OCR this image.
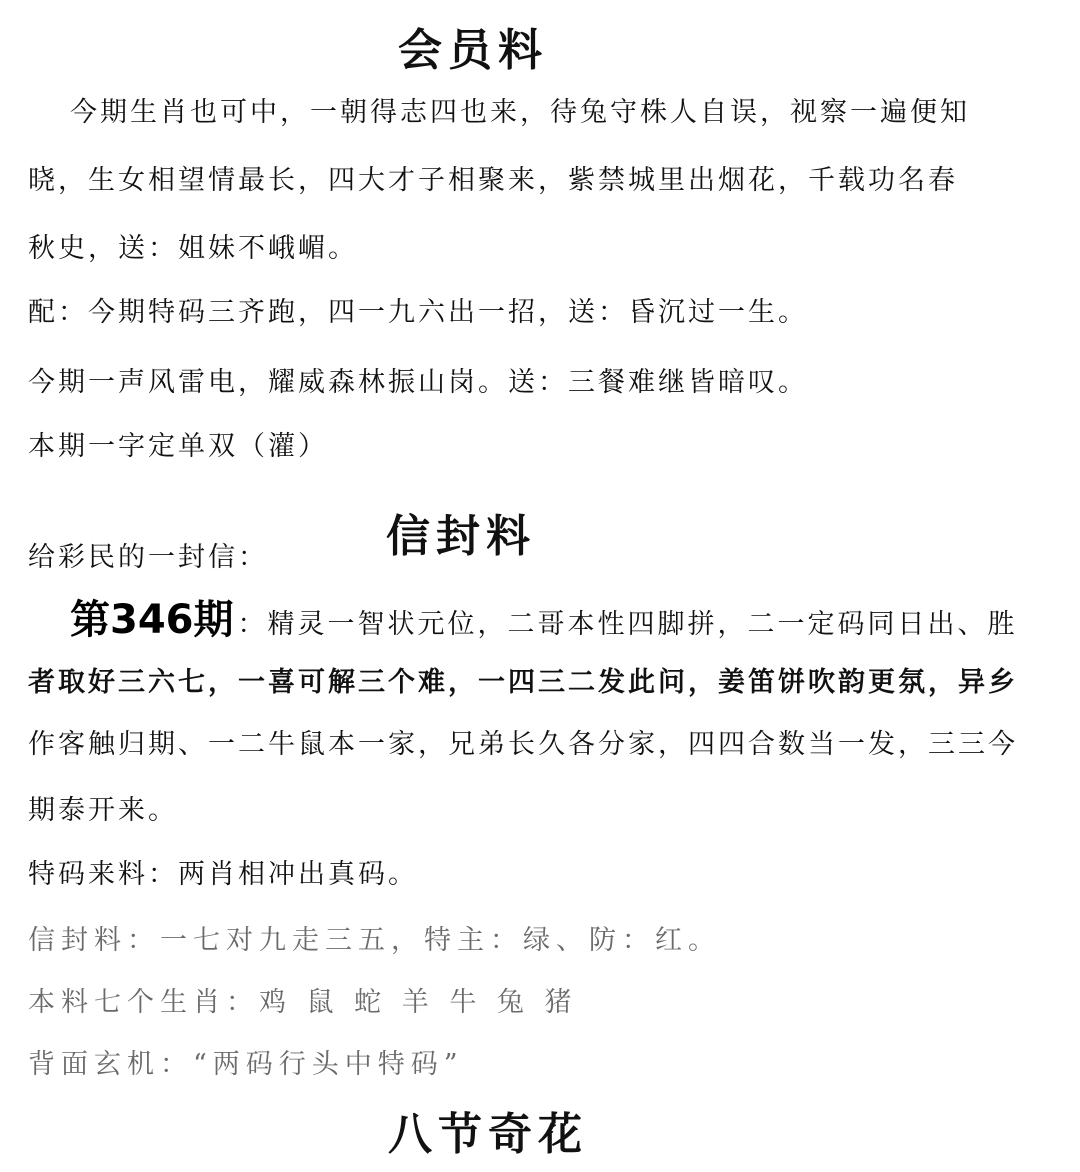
会员料
今期生肖也可中，一朝得志四也来，待兔守株人自误，视察一遍便知
晓，生女相望情最长，四大才子相聚来，紫禁城里出烟花，千载功名春
秋史，送：姐妹不峨嵋。
配：今期特码三齐跑，四一九六出一招，送：昏沉过一生。
今期一声风雷电，耀威森林振山岗。送：三餐难继皆暗叹。
本期一字定单双（灌）
给彩民的一封信：	信封料
第346期 ：精灵一智状元位，二哥本性四脚拼，二一定码同日出、胜
者取好三六七，一喜可解三个难，一四三二发此问，姜笛饼吹韵更氛，异乡
作客触归期、一二牛鼠本一家，兄弟长久各分家，四四合数当一发，三三今
期泰开来。
特码来料：两肖相冲出真码。
信封料：一七对九走三五，特主：绿、防：红。
本料七个生肖：鸡 鼠 蛇 羊 牛 兔 猪
背面玄机：“两码行头中特码”
八节奇花
